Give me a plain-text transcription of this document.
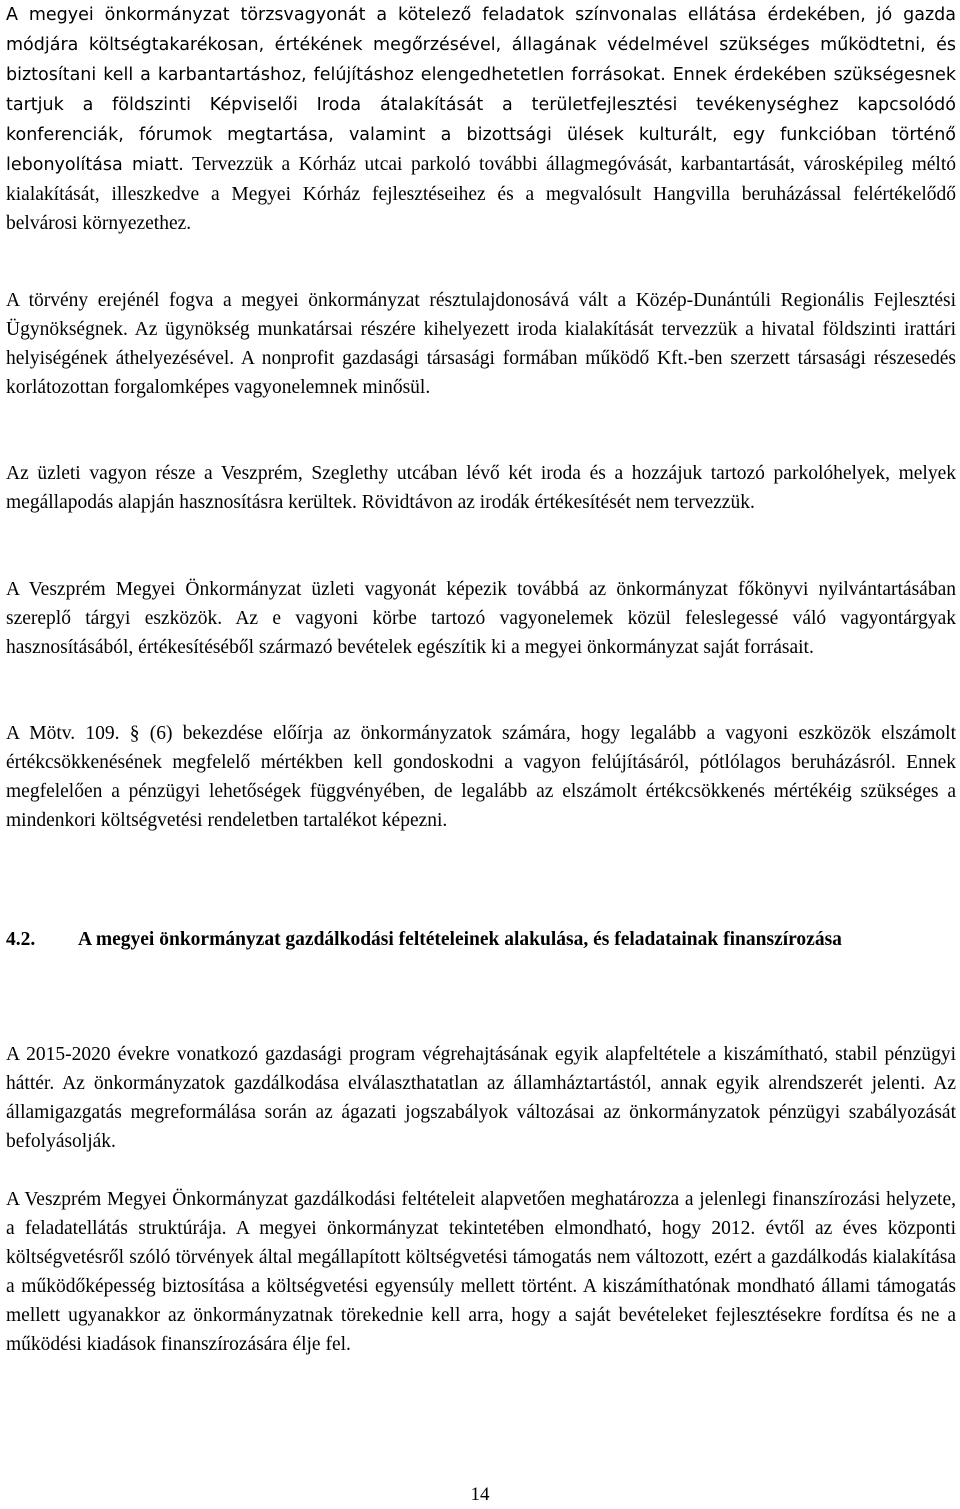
A megyei önkormányzat törzsvagyonát a kötelező feladatok színvonalas ellátása érdekében, jó gazda módjára költségtakarékosan, értékének megőrzésével, állagának védelmével szükséges működtetni, és biztosítani kell a karbantartáshoz, felújításhoz elengedhetetlen forrásokat. Ennek érdekében szükségesnek tartjuk a földszinti Képviselői Iroda átalakítását a területfejlesztési tevékenységhez kapcsolódó konferenciák, fórumok megtartása, valamint a bizottsági ülések kulturált, egy funkcióban történő lebonyolítása miatt. Tervezzük a Kórház utcai parkoló további állagmegóvását, karbantartását, városképileg méltó kialakítását, illeszkedve a Megyei Kórház fejlesztéseihez és a megvalósult Hangvilla beruházással felértékelődő belvárosi környezethez.

A törvény erejénél fogva a megyei önkormányzat résztulajdonosává vált a Közép-Dunántúli Regionális Fejlesztési Ügynökségnek. Az ügynökség munkatársai részére kihelyezett iroda kialakítását tervezzük a hivatal földszinti irattári helyiségének áthelyezésével. A nonprofit gazdasági társasági formában működő Kft.-ben szerzett társasági részesedés korlátozottan forgalomképes vagyonelemnek minősül.

Az üzleti vagyon része a Veszprém, Szeglethy utcában lévő két iroda és a hozzájuk tartozó parkolóhelyek, melyek megállapodás alapján hasznosításra kerültek. Rövidtávon az irodák értékesítését nem tervezzük.

A Veszprém Megyei Önkormányzat üzleti vagyonát képezik továbbá az önkormányzat főkönyvi nyilvántartásában szereplő tárgyi eszközök. Az e vagyoni körbe tartozó vagyonelemek közül feleslegessé váló vagyontárgyak hasznosításából, értékesítéséből származó bevételek egészítik ki a megyei önkormányzat saját forrásait.

A Mötv. 109. § (6) bekezdése előírja az önkormányzatok számára, hogy legalább a vagyoni eszközök elszámolt értékcsökkenésének megfelelő mértékben kell gondoskodni a vagyon felújításáról, pótlólagos beruházásról. Ennek megfelelően a pénzügyi lehetőségek függvényében, de legalább az elszámolt értékcsökkenés mértékéig szükséges a mindenkori költségvetési rendeletben tartalékot képezni.

4.2.	A megyei önkormányzat gazdálkodási feltételeinek alakulása, és feladatainak finanszírozása

A 2015-2020 évekre vonatkozó gazdasági program végrehajtásának egyik alapfeltétele a kiszámítható, stabil pénzügyi háttér. Az önkormányzatok gazdálkodása elválaszthatatlan az államháztartástól, annak egyik alrendszerét jelenti. Az államigazgatás megreformálása során az ágazati jogszabályok változásai az önkormányzatok pénzügyi szabályozását befolyásolják.

A Veszprém Megyei Önkormányzat gazdálkodási feltételeit alapvetően meghatározza a jelenlegi finanszírozási helyzete, a feladatellátás struktúrája. A megyei önkormányzat tekintetében elmondható, hogy 2012. évtől az éves központi költségvetésről szóló törvények által megállapított költségvetési támogatás nem változott, ezért a gazdálkodás kialakítása a működőképesség biztosítása a költségvetési egyensúly mellett történt. A kiszámíthatónak mondható állami támogatás mellett ugyanakkor az önkormányzatnak törekednie kell arra, hogy a saját bevételeket fejlesztésekre fordítsa és ne a működési kiadások finanszírozására élje fel.

14
